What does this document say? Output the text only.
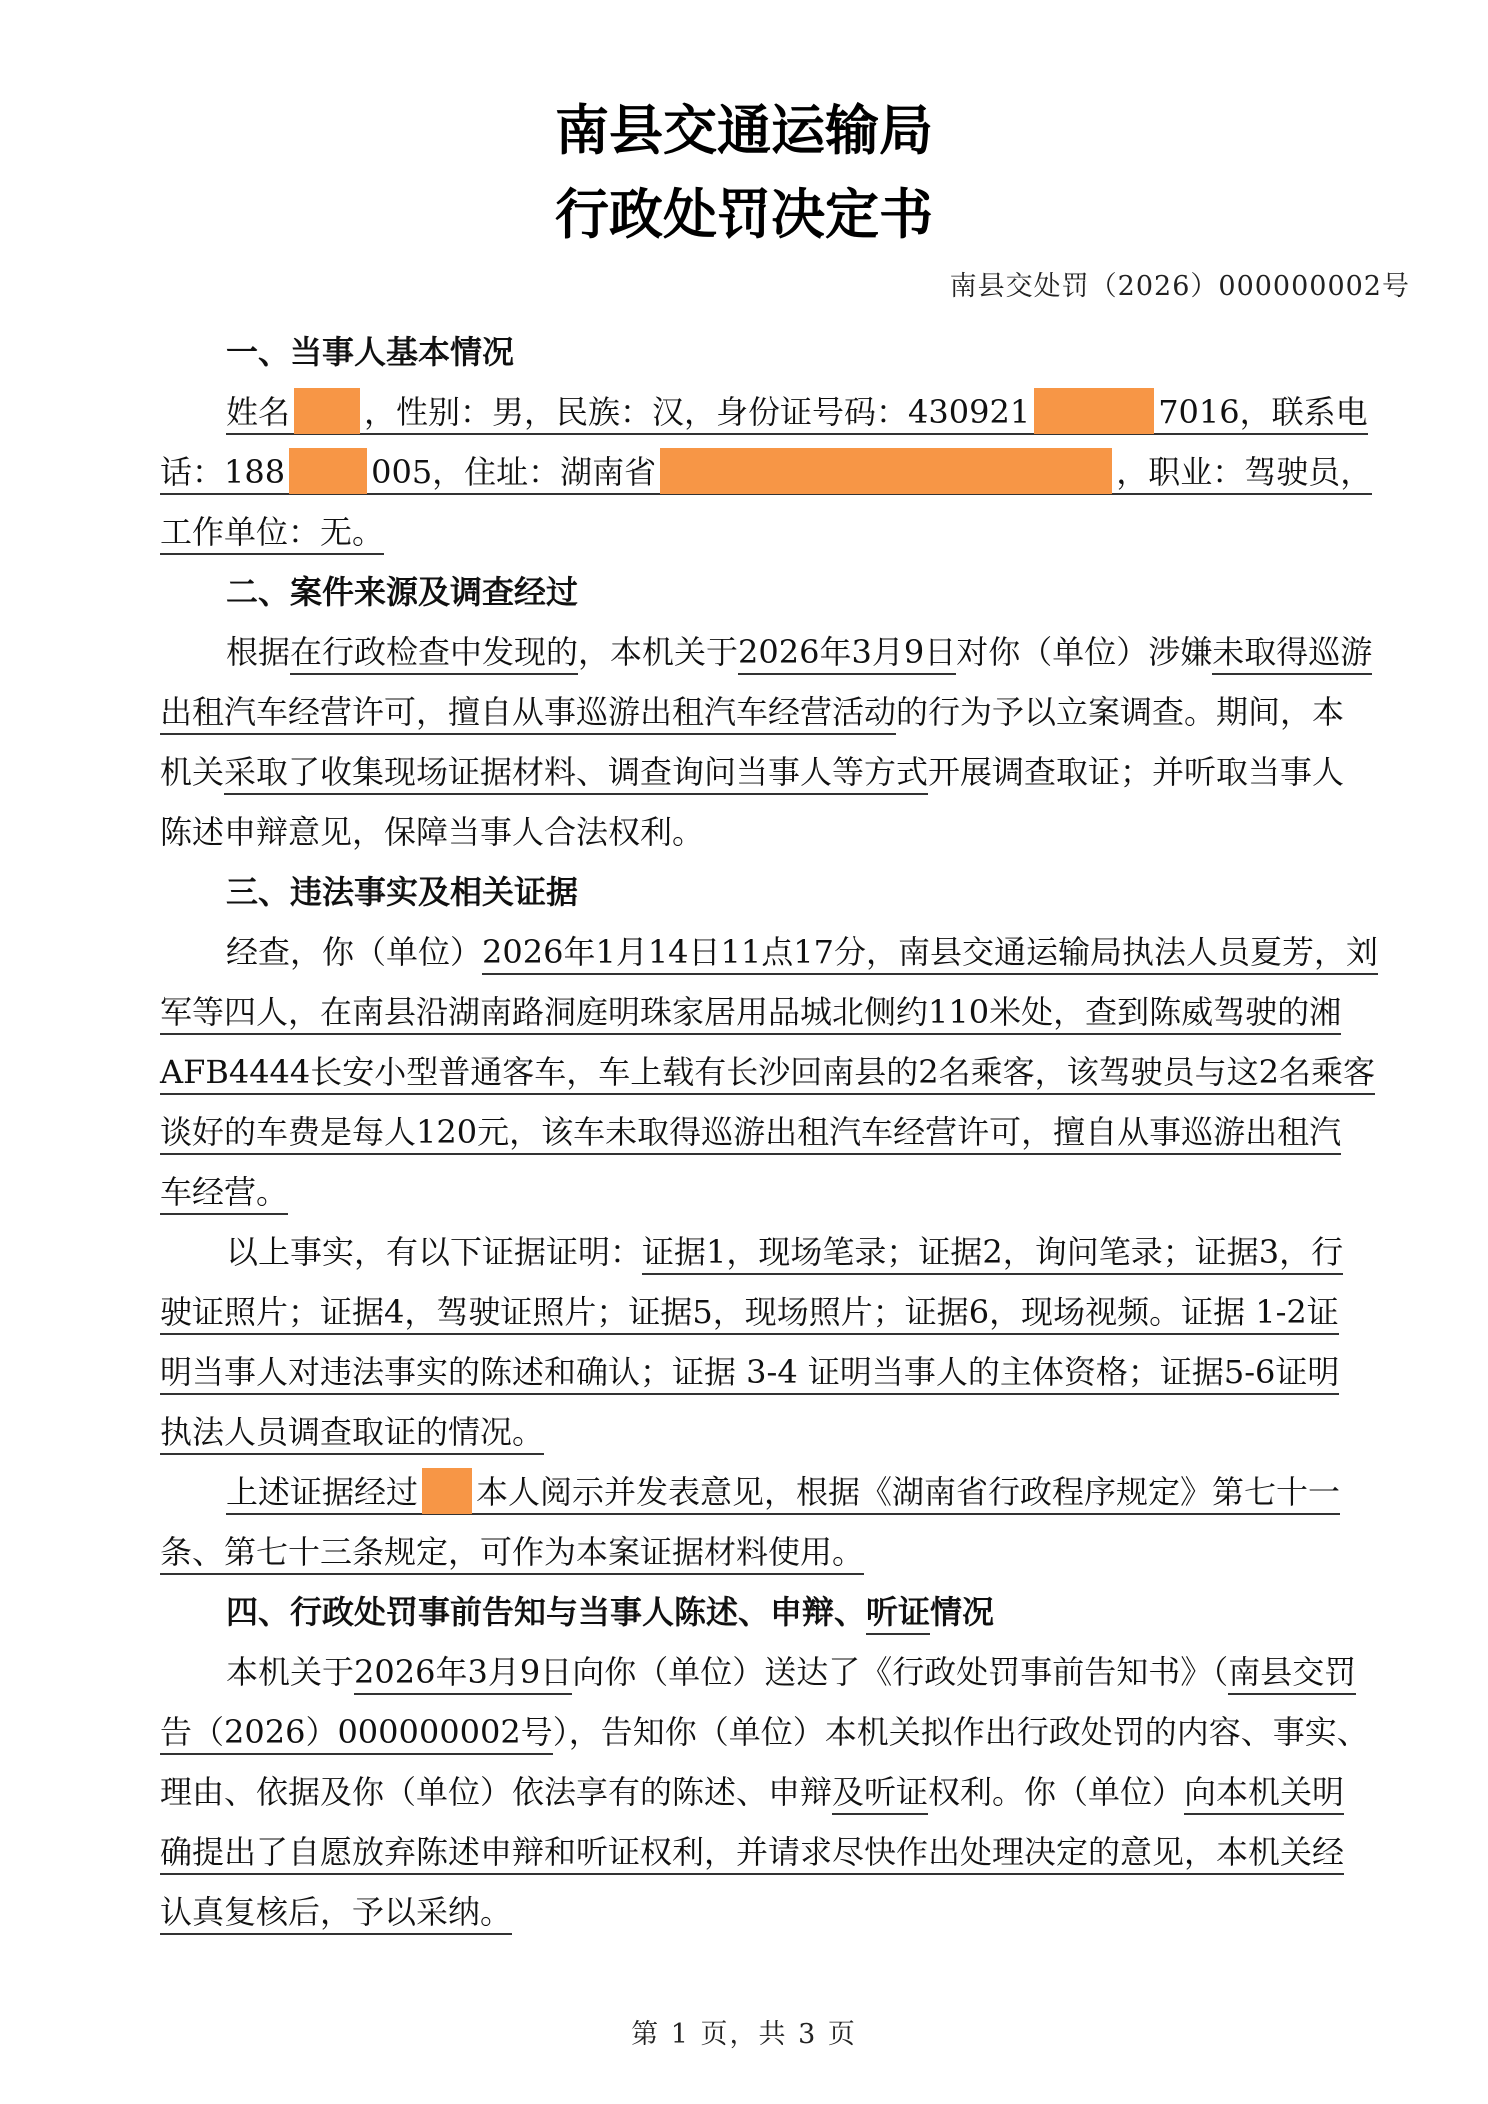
南县交通运输局
行政处罚决定书
南县交处罚（2026）000000002号
一、当事人基本情况
姓名 ，性别：男，民族：汉，身份证号码：430921	7016，联系电
话：188	005，住址：湖南省	，职业：驾驶员，
工作单位：无。
二、案件来源及调查经过
根据在行政检查中发现的，本机关于2026年3月9日对你（单位）涉嫌未取得巡游
出租汽车经营许可，擅自从事巡游出租汽车经营活动的行为予以立案调查。期间，本
机关采取了收集现场证据材料、调查询问当事人等方式开展调查取证；并听取当事人
陈述申辩意见，保障当事人合法权利。
三、违法事实及相关证据
经查，你（单位）2026年1月14日11点17分，南县交通运输局执法人员夏芳，刘
军等四人，在南县沿湖南路洞庭明珠家居用品城北侧约110米处，查到陈威驾驶的湘
AFB4444长安小型普通客车，车上载有长沙回南县的2名乘客，该驾驶员与这2名乘客
谈好的车费是每人120元，该车未取得巡游出租汽车经营许可，擅自从事巡游出租汽
车经营。
以上事实，有以下证据证明：证据1，现场笔录；证据2，询问笔录；证据3，行
驶证照片；证据4，驾驶证照片；证据5，现场照片；证据6，现场视频。证据 1-2证
明当事人对违法事实的陈述和确认；证据 3-4 证明当事人的主体资格；证据5-6证明
执法人员调查取证的情况。
上述证据经过 本人阅示并发表意见，根据《湖南省行政程序规定》第七十一
条、第七十三条规定，可作为本案证据材料使用。
四、行政处罚事前告知与当事人陈述、申辩、听证情况
本机关于2026年3月9日向你（单位）送达了《行政处罚事前告知书》（南县交罚
告（2026）000000002号），告知你（单位）本机关拟作出行政处罚的内容、事实、
理由、依据及你（单位）依法享有的陈述、申辩及听证权利。你（单位）向本机关明
确提出了自愿放弃陈述申辩和听证权利，并请求尽快作出处理决定的意见，本机关经
认真复核后，予以采纳。
第 1 页，共 3 页
